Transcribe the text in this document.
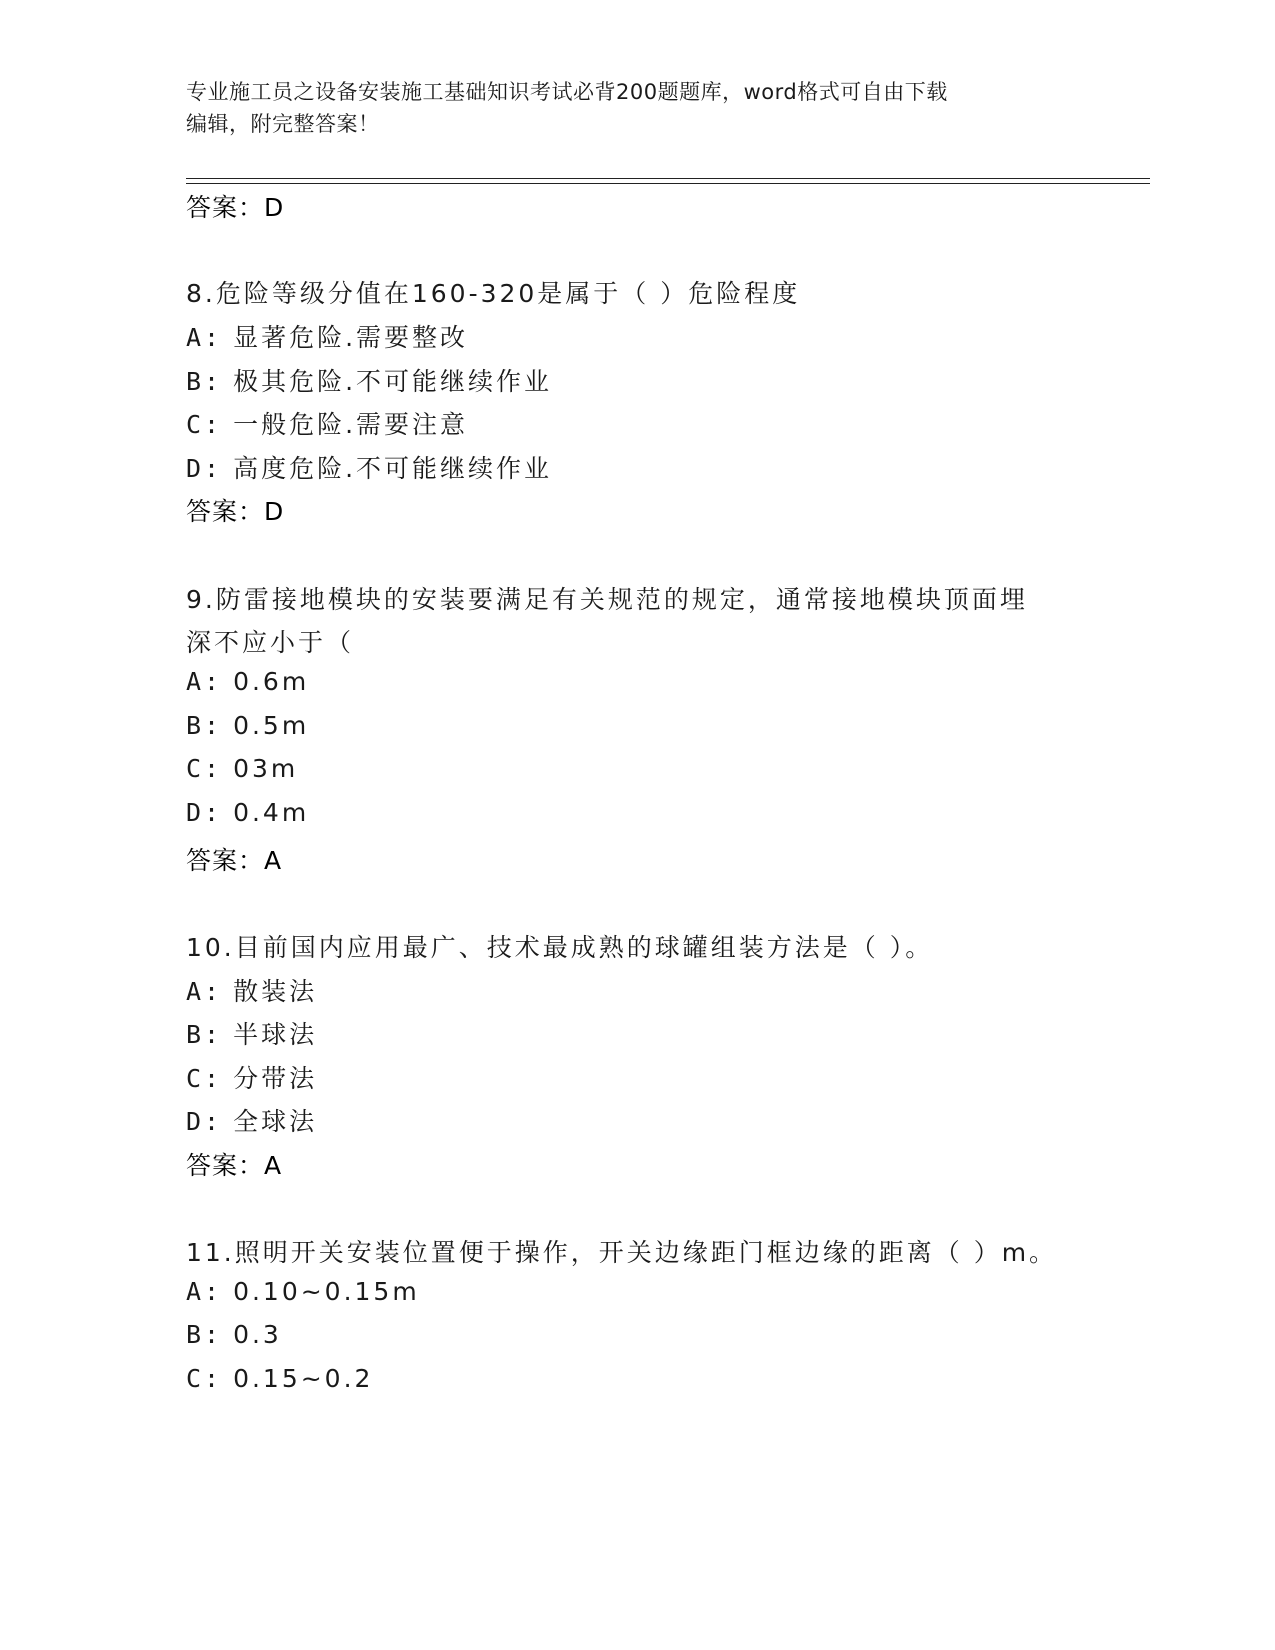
专业施工员之设备安装施工基础知识考试必背200题题库，word格式可自由下载
编辑，附完整答案！
答案：D
8.危险等级分值在160-320是属于（ ）危险程度
A: 显著危险.需要整改
B: 极其危险.不可能继续作业
C: 一般危险.需要注意
D: 高度危险.不可能继续作业
答案：D
9.防雷接地模块的安装要满足有关规范的规定，通常接地模块顶面埋
深不应小于（
A: 0.6m
B: 0.5m
C: 03m
D: 0.4m
答案：A
10.目前国内应用最广、技术最成熟的球罐组装方法是（ ）。
A: 散装法
B: 半球法
C: 分带法
D: 全球法
答案：A
11.照明开关安装位置便于操作，开关边缘距门框边缘的距离（ ）m。
A: 0.10~0.15m
B: 0.3
C: 0.15~0.2
